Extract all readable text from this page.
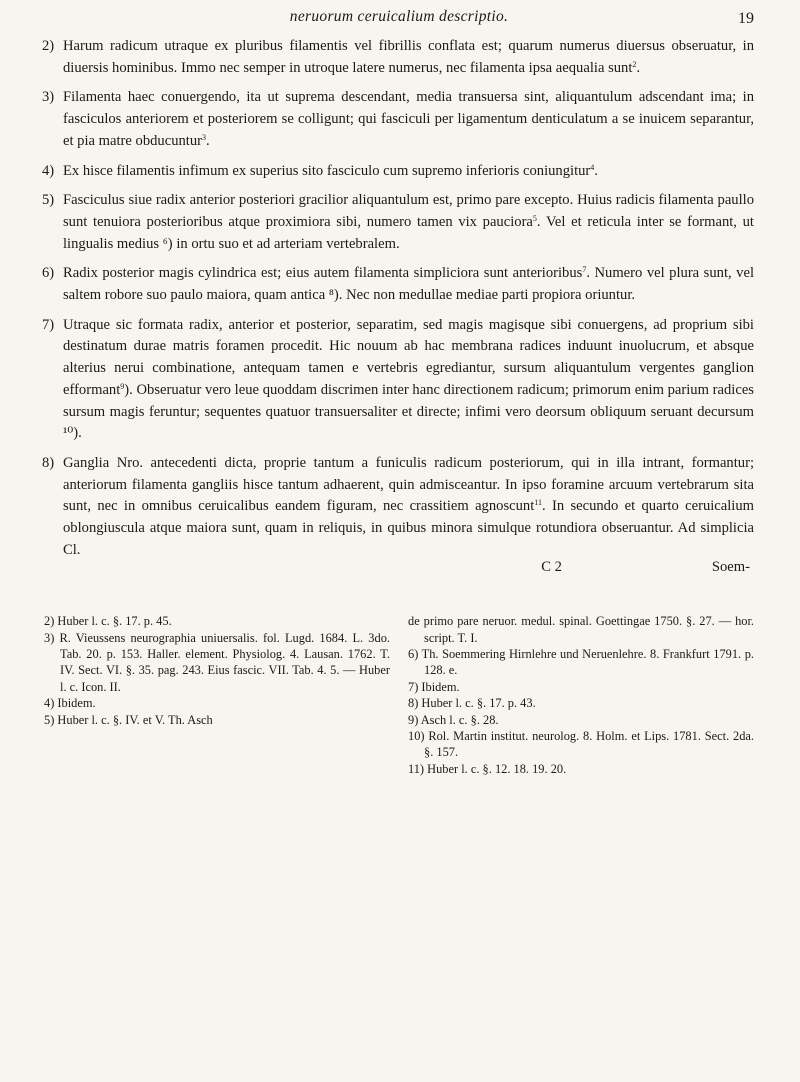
neruorum ceruicalium descriptio.	19

2) Harum radicum utraque ex pluribus filamentis vel fibrillis conflata est; quarum numerus diuersus obseruatur, in diuersis hominibus. Immo nec semper in utroque latere numerus, nec filamenta ipsa aequalia sunt$^2$.

3) Filamenta haec conuergendo, ita ut suprema descendant, media transuersa sint, aliquantulum adscendant ima; in fasciculos anteriorem et posteriorem se colligunt; qui fasciculi per ligamentum denticulatum a se inuicem separantur, et pia matre obducuntur$^3$.

4) Ex hisce filamentis infimum ex superius sito fasciculo cum supremo inferioris coniungitur$^4$.

5) Fasciculus siue radix anterior posteriori gracilior aliquantulum est, primo pare excepto. Huius radicis filamenta paullo sunt tenuiora posterioribus atque proximiora sibi, numero tamen vix pauciora$^5$. Vel et reticula inter se formant, ut lingualis medius ⁶) in ortu suo et ad arteriam vertebralem.

6) Radix posterior magis cylindrica est; eius autem filamenta simpliciora sunt anterioribus$^7$. Numero vel plura sunt, vel saltem robore suo paulo maiora, quam antica ⁸). Nec non medullae mediae parti propiora oriuntur.

7) Utraque sic formata radix, anterior et posterior, separatim, sed magis magisque sibi conuergens, ad proprium sibi destinatum durae matris foramen procedit. Hic nouum ab hac membrana radices induunt inuolucrum, et absque alterius nerui combinatione, antequam tamen e vertebris egrediantur, sursum aliquantulum vergentes ganglion efformant$^9$). Obseruatur vero leue quoddam discrimen inter hanc directionem radicum; primorum enim parium radices sursum magis feruntur; sequentes quatuor transuersaliter et directe; infimi vero deorsum obliquum seruant decursum ¹⁰).

8) Ganglia Nro. antecedenti dicta, proprie tantum a funiculis radicum posteriorum, qui in illa intrant, formantur; anteriorum filamenta gangliis hisce tantum adhaerent, quin admisceantur. In ipso foramine arcuum vertebrarum sita sunt, nec in omnibus ceruicalibus eandem figuram, nec crassitiem agnoscunt$^{11}$. In secundo et quarto ceruicalium oblongiuscula atque maiora sunt, quam in reliquis, in quibus minora simulque rotundiora obseruantur. Ad simplicia Cl.

C 2	Soem-

2) Huber l. c. §. 17. p. 45.

3) R. Vieussens neurographia uniuersalis. fol. Lugd. 1684. L. 3do. Tab. 20. p. 153. Haller. element. Physiolog. 4. Lausan. 1762. T. IV. Sect. VI. §. 35. pag. 243. Eius fascic. VII. Tab. 4. 5. — Huber l. c. Icon. II.

4) Ibidem.

5) Huber l. c. §. IV. et V. Th. Asch

de primo pare neruor. medul. spinal. Goettingae 1750. §. 27. — hor. script. T. I.

6) Th. Soemmering Hirnlehre und Neruenlehre. 8. Frankfurt 1791. p. 128. e.

7) Ibidem.

8) Huber l. c. §. 17. p. 43.

9) Asch l. c. §. 28.

10) Rol. Martin institut. neurolog. 8. Holm. et Lips. 1781. Sect. 2da. §. 157.

11) Huber l. c. §. 12. 18. 19. 20.
